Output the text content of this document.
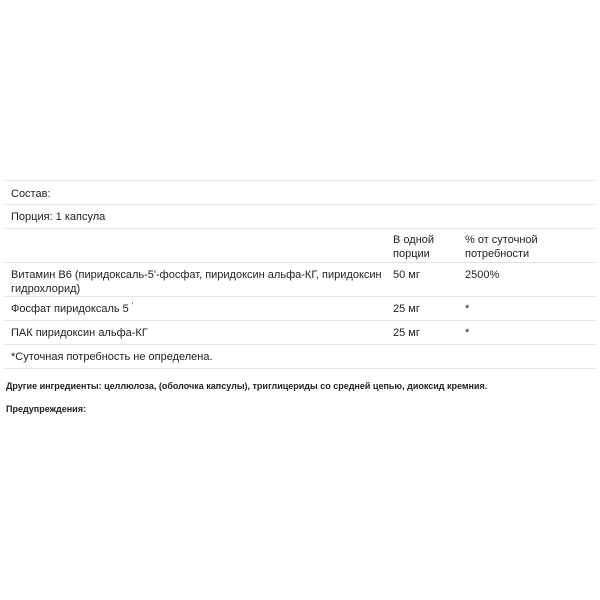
Состав:		

Порция: 1 капсула		

	В одной порции	% от суточной потребности

Витамин B6 (пиридоксаль-5'-фосфат, пиридоксин альфа-КГ, пиридоксин гидрохлорид)	50 мг	2500%

Фосфат пиридоксаль 5 '	25 мг	*

ПАК пиридоксин альфа-КГ	25 мг	*

*Суточная потребность не определена.		
Другие ингредиенты: целлюлоза, (оболочка капсулы), триглицериды со средней цепью, диоксид кремния.
Предупреждения:
